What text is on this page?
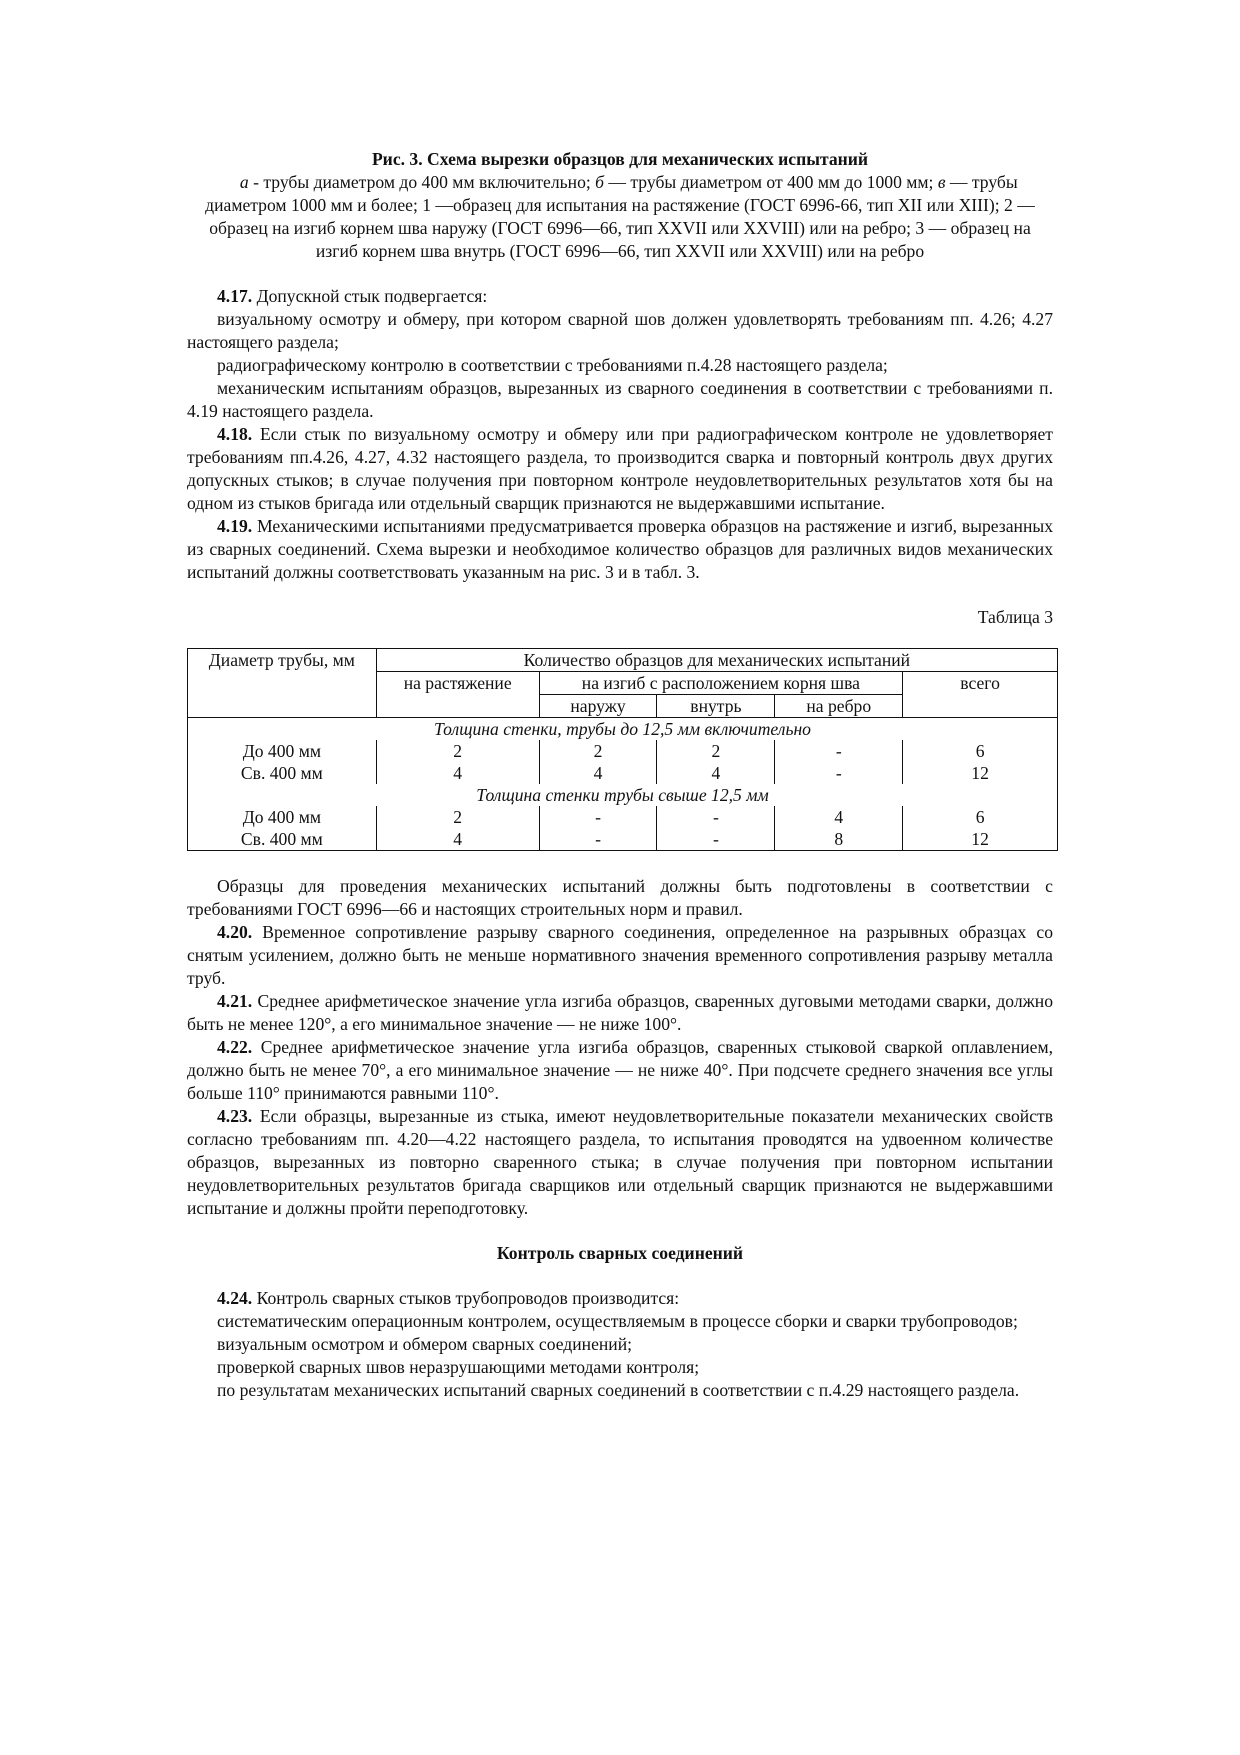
Рис. 3. Схема вырезки образцов для механических испытаний

а - трубы диаметром до 400 мм включительно; б — трубы диаметром от 400 мм до 1000 мм; в — трубы диаметром 1000 мм и более; 1 —образец для испытания на растяжение (ГОСТ 6996-66, тип XII или XIII); 2 — образец на изгиб корнем шва наружу (ГОСТ 6996—66, тип XXVII или XXVIII) или на ребро; 3 — образец на изгиб корнем шва внутрь (ГОСТ 6996—66, тип XXVII или XXVIII) или на ребро

4.17. Допускной стык подвергается:

визуальному осмотру и обмеру, при котором сварной шов должен удовлетворять требованиям пп. 4.26; 4.27 настоящего раздела;

радиографическому контролю в соответствии с требованиями п.4.28 настоящего раздела;

механическим испытаниям образцов, вырезанных из сварного соединения в соответствии с требованиями п. 4.19 настоящего раздела.

4.18. Если стык по визуальному осмотру и обмеру или при радиографическом контроле не удовлетворяет требованиям пп.4.26, 4.27, 4.32 настоящего раздела, то производится сварка и повторный контроль двух других допускных стыков; в случае получения при повторном контроле неудовлетворительных результатов хотя бы на одном из стыков бригада или отдельный сварщик признаются не выдержавшими испытание.

4.19. Механическими испытаниями предусматривается проверка образцов на растяжение и изгиб, вырезанных из сварных соединений. Схема вырезки и необходимое количество образцов для различных видов механических испытаний должны соответствовать указанным на рис. 3 и в табл. 3.

Таблица 3
Диаметр трубы, мм	Количество образцов для механических испытаний				
	на растяжение	на изгиб с расположением корня шва			всего
		наружу	внутрь	на ребро	
Толщина стенки, трубы до 12,5 мм включительно					
До 400 мм	2	2	2	-	6
Св. 400 мм	4	4	4	-	12
Толщина стенки трубы свыше 12,5 мм					
До 400 мм	2	-	-	4	6
Св. 400 мм	4	-	-	8	12

Образцы для проведения механических испытаний должны быть подготовлены в соответствии с требованиями ГОСТ 6996—66 и настоящих строительных норм и правил.

4.20. Временное сопротивление разрыву сварного соединения, определенное на разрывных образцах со снятым усилением, должно быть не меньше нормативного значения временного сопротивления разрыву металла труб.

4.21. Среднее арифметическое значение угла изгиба образцов, сваренных дуговыми методами сварки, должно быть не менее 120°, а его минимальное значение — не ниже 100°.

4.22. Среднее арифметическое значение угла изгиба образцов, сваренных стыковой сваркой оплавлением, должно быть не менее 70°, а его минимальное значение — не ниже 40°. При подсчете среднего значения все углы больше 110° принимаются равными 110°.

4.23. Если образцы, вырезанные из стыка, имеют неудовлетворительные показатели механических свойств согласно требованиям пп. 4.20—4.22 настоящего раздела, то испытания проводятся на удвоенном количестве образцов, вырезанных из повторно сваренного стыка; в случае получения при повторном испытании неудовлетворительных результатов бригада сварщиков или отдельный сварщик признаются не выдержавшими испытание и должны пройти переподготовку.

Контроль сварных соединений

4.24. Контроль сварных стыков трубопроводов производится:

систематическим операционным контролем, осуществляемым в процессе сборки и сварки трубопроводов;

визуальным осмотром и обмером сварных соединений;

проверкой сварных швов неразрушающими методами контроля;

по результатам механических испытаний сварных соединений в соответствии с п.4.29 настоящего раздела.
